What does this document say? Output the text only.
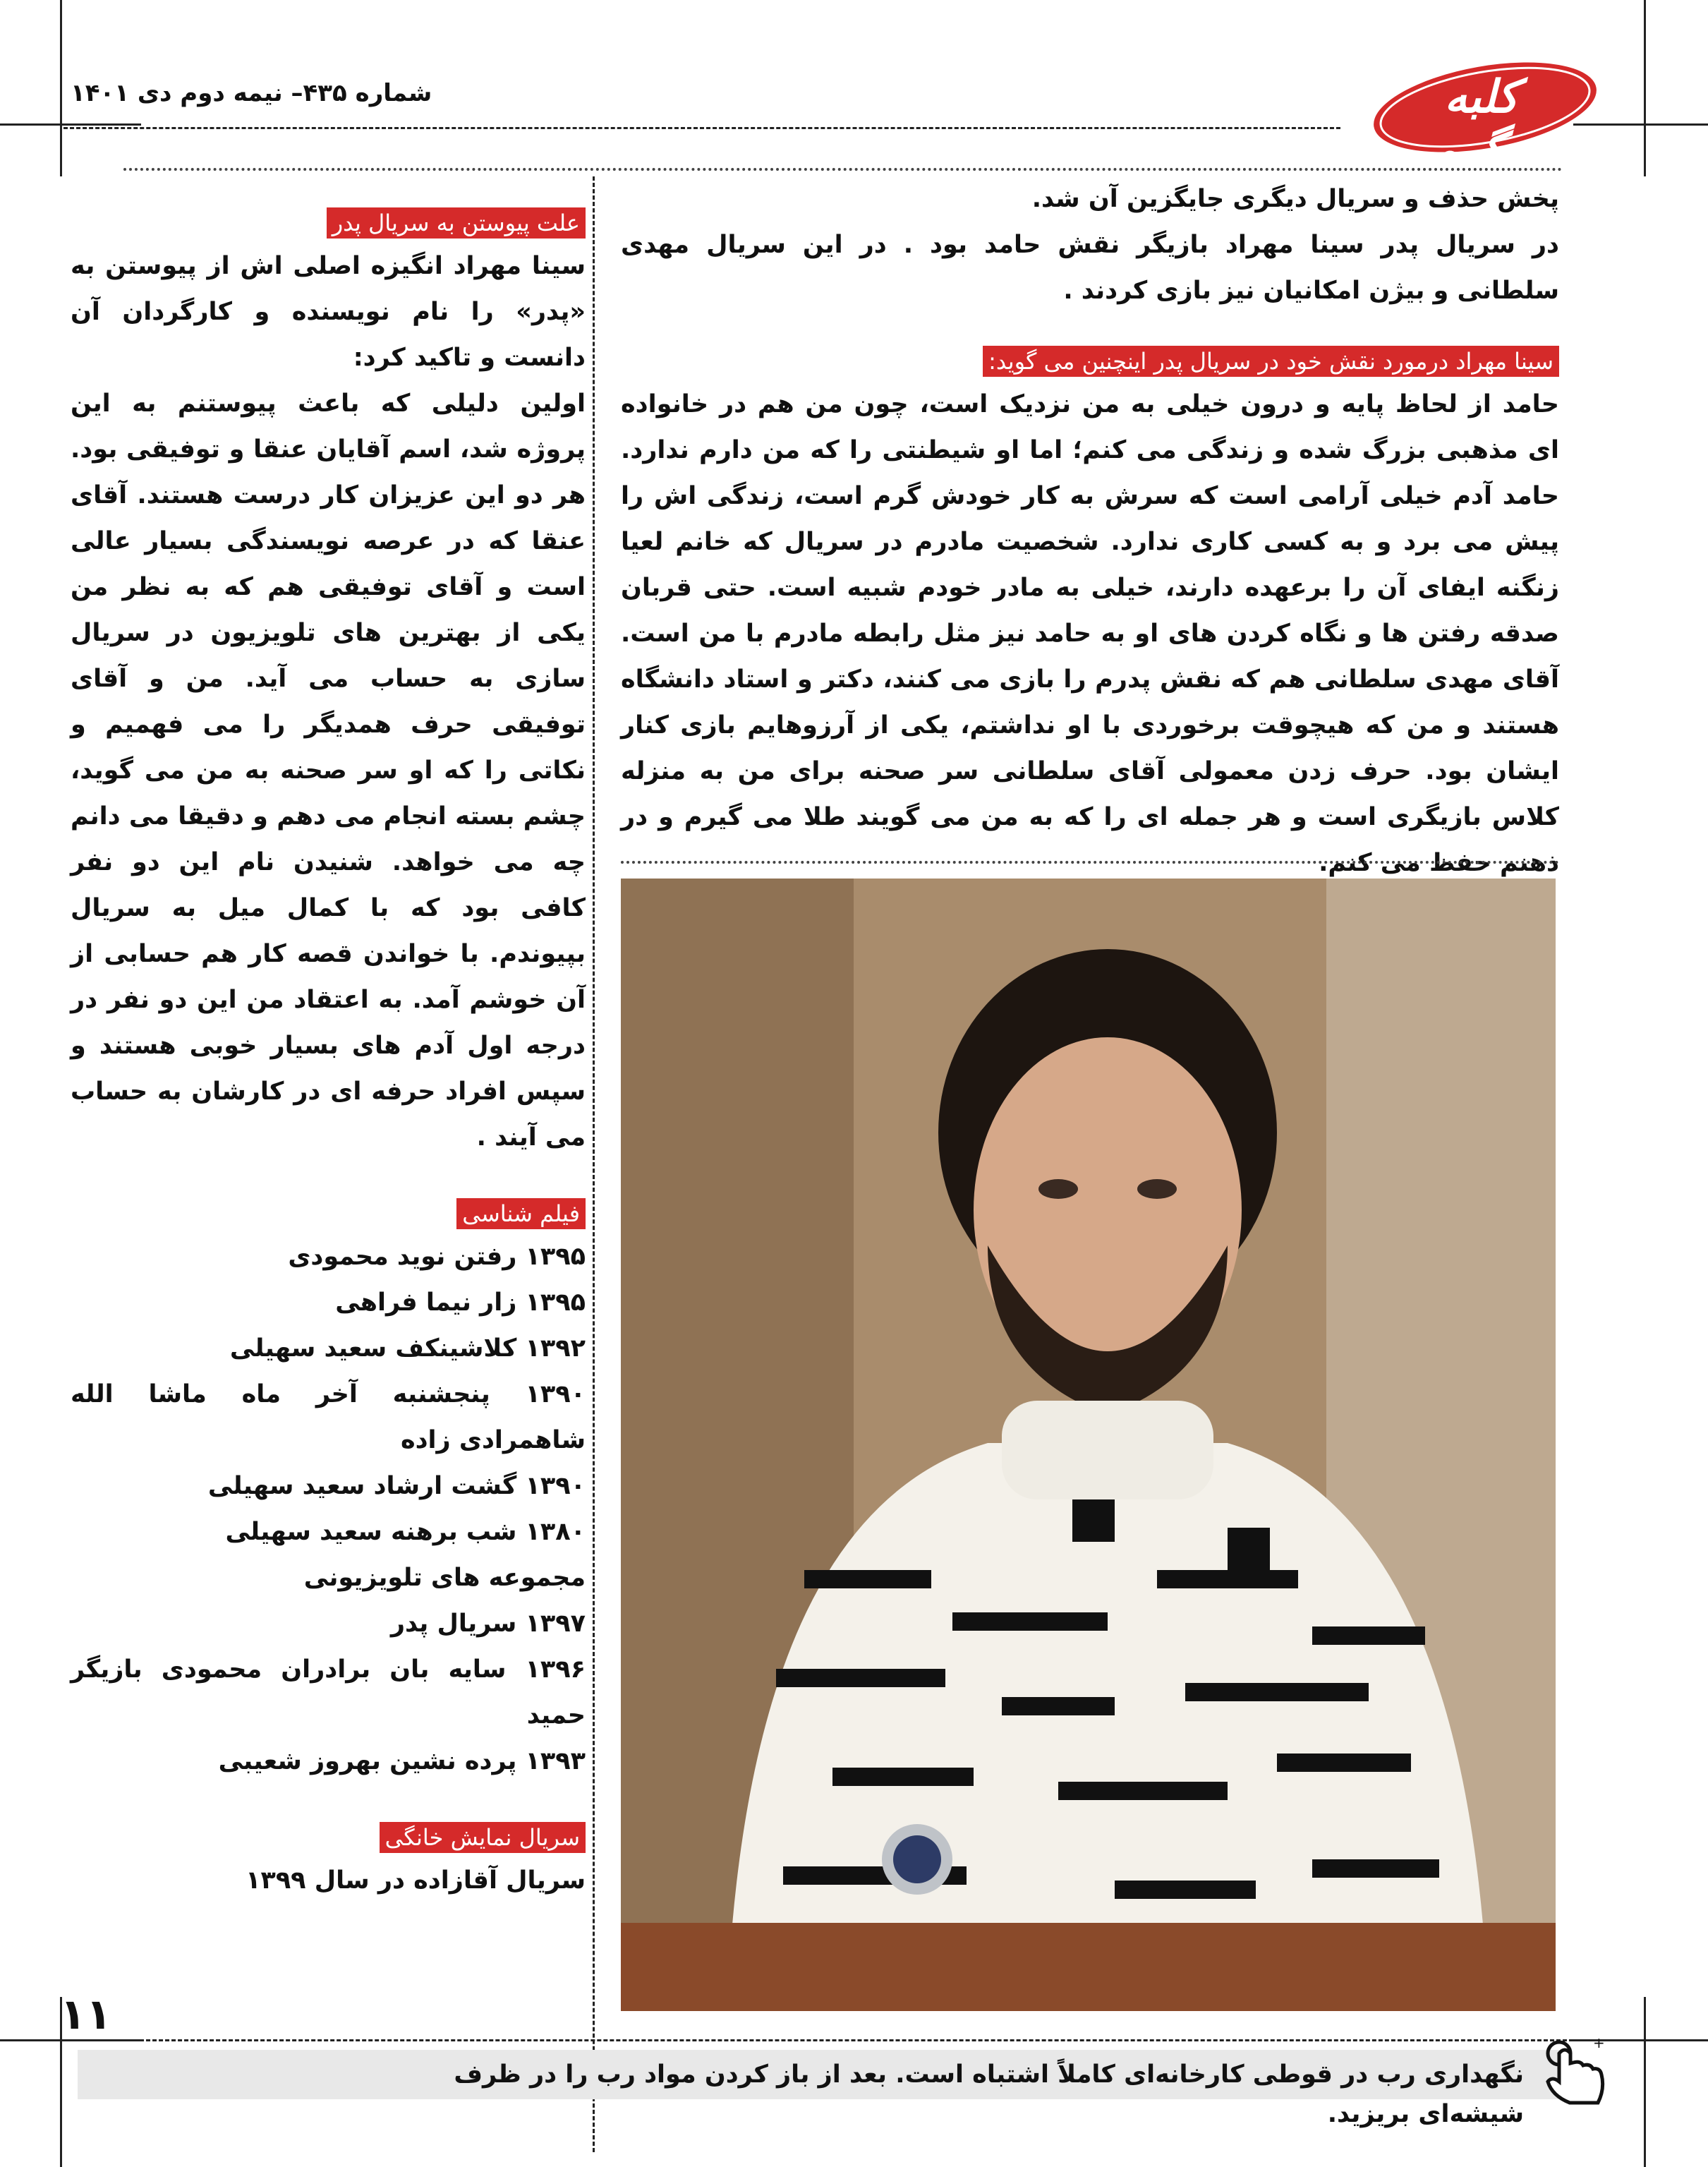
شماره ۴۳۵– نیمه دوم دی ۱۴۰۱	کلبه سرگرمی

پخش حذف و سریال دیگری جایگزین آن شد.

در سریال پدر سینا مهراد بازیگر نقش حامد بود . در این سریال مهدی سلطانی و بیژن امکانیان نیز بازی کردند .

سینا مهراد درمورد نقش خود در سریال پدر اینچنین می گوید:

حامد از لحاظ پایه و درون خیلی به من نزدیک است، چون من هم در خانواده ای مذهبی بزرگ شده و زندگی می کنم؛ اما او شیطنتی را که من دارم ندارد. حامد آدم خیلی آرامی است که سرش به کار خودش گرم است، زندگی اش را پیش می برد و به کسی کاری ندارد. شخصیت مادرم در سریال که خانم لعیا زنگنه ایفای آن را برعهده دارند، خیلی به مادر خودم شبیه است. حتی قربان صدقه رفتن ها و نگاه کردن های او به حامد نیز مثل رابطه مادرم با من است. آقای مهدی سلطانی هم که نقش پدرم را بازی می کنند، دکتر و استاد دانشگاه هستند و من که هیچوقت برخوردی با او نداشتم، یکی از آرزوهایم بازی کنار ایشان بود. حرف زدن معمولی آقای سلطانی سر صحنه برای من به منزله کلاس بازیگری است و هر جمله ای را که به من می گویند طلا می گیرم و در ذهنم حفظ می کنم.

علت پیوستن به سریال پدر

سینا مهراد انگیزه اصلی اش از پیوستن به «پدر» را نام نویسنده و کارگردان آن دانست و تاکید کرد:

اولین دلیلی که باعث پیوستنم به این پروژه شد، اسم آقایان عنقا و توفیقی بود. هر دو این عزیزان کار درست هستند. آقای عنقا که در عرصه نویسندگی بسیار عالی است و آقای توفیقی هم که به نظر من یکی از بهترین های تلویزیون در سریال سازی به حساب می آید. من و آقای توفیقی حرف همدیگر را می فهمیم و نکاتی را که او سر صحنه به من می گوید، چشم بسته انجام می دهم و دقیقا می دانم چه می خواهد. شنیدن نام این دو نفر کافی بود که با کمال میل به سریال بپیوندم. با خواندن قصه کار هم حسابی از آن خوشم آمد. به اعتقاد من این دو نفر در درجه اول آدم های بسیار خوبی هستند و سپس افراد حرفه ای در کارشان به حساب می آیند .

فیلم شناسی

۱۳۹۵ رفتن نوید محمودی

۱۳۹۵ زار نیما فراهی

۱۳۹۲ کلاشینکف سعید سهیلی

۱۳۹۰ پنجشنبه آخر ماه ماشا الله شاهمرادی زاده

۱۳۹۰ گشت ارشاد سعید سهیلی

۱۳۸۰ شب برهنه سعید سهیلی

مجموعه های تلویزیونی

۱۳۹۷ سریال پدر

۱۳۹۶ سایه بان برادران محمودی بازیگر حمید

۱۳۹۳ پرده نشین بهروز شعیبی

سریال نمایش خانگی

سریال آقازاده در سال ۱۳۹۹

۱۱
نگهداری رب در قوطی کارخانه‌ای کاملاً اشتباه است. بعد از باز کردن مواد رب را در ظرف شیشه‌ای بریزید.
+
